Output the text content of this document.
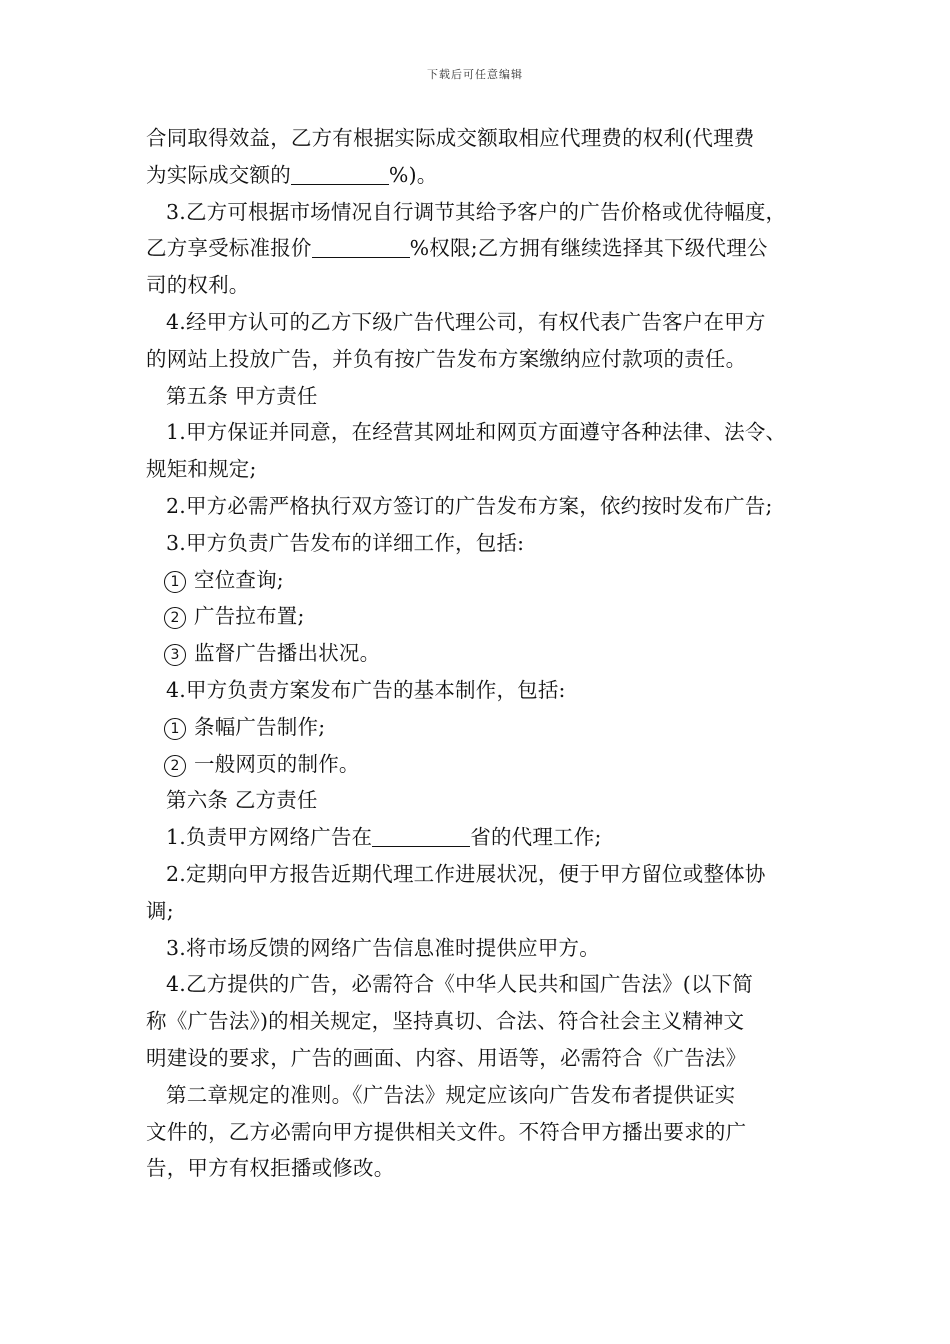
下载后可任意编辑
合同取得效益，乙方有根据实际成交额取相应代理费的权利(代理费
为实际成交额的	%)。
3.乙方可根据市场情况自行调节其给予客户的广告价格或优待幅度，
乙方享受标准报价	%权限;乙方拥有继续选择其下级代理公
司的权利。
4.经甲方认可的乙方下级广告代理公司，有权代表广告客户在甲方
的网站上投放广告，并负有按广告发布方案缴纳应付款项的责任。
第五条 甲方责任
1.甲方保证并同意，在经营其网址和网页方面遵守各种法律、法令、
规矩和规定;
2.甲方必需严格执行双方签订的广告发布方案，依约按时发布广告;
3.甲方负责广告发布的详细工作，包括:
1 空位查询;
2 广告拉布置;
3 监督广告播出状况。
4.甲方负责方案发布广告的基本制作，包括:
1 条幅广告制作;
2 一般网页的制作。
第六条 乙方责任
1.负责甲方网络广告在	省的代理工作;
2.定期向甲方报告近期代理工作进展状况，便于甲方留位或整体协
调;
3.将市场反馈的网络广告信息准时提供应甲方。
4.乙方提供的广告，必需符合《中华人民共和国广告法》(以下简
称《广告法》)的相关规定，坚持真切、合法、符合社会主义精神文
明建设的要求，广告的画面、内容、用语等，必需符合《广告法》
第二章规定的准则。《广告法》规定应该向广告发布者提供证实
文件的，乙方必需向甲方提供相关文件。不符合甲方播出要求的广
告，甲方有权拒播或修改。
